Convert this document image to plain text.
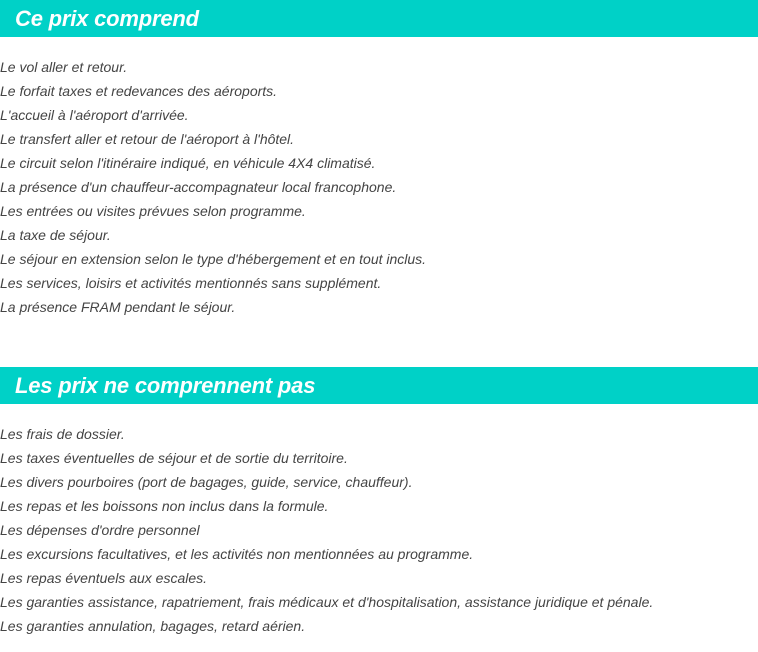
Ce prix comprend
Le vol aller et retour.
Le forfait taxes et redevances des aéroports.
L'accueil à l'aéroport d'arrivée.
Le transfert aller et retour de l'aéroport à l'hôtel.
Le circuit selon l'itinéraire indiqué, en véhicule 4X4 climatisé.
La présence d'un chauffeur-accompagnateur local francophone.
Les entrées ou visites prévues selon programme.
La taxe de séjour.
Le séjour en extension selon le type d'hébergement et en tout inclus.
Les services, loisirs et activités mentionnés sans supplément.
La présence FRAM pendant le séjour.
Les prix ne comprennent pas
Les frais de dossier.
Les taxes éventuelles de séjour et de sortie du territoire.
Les divers pourboires (port de bagages, guide, service, chauffeur).
Les repas et les boissons non inclus dans la formule.
Les dépenses d'ordre personnel
Les excursions facultatives, et les activités non mentionnées au programme.
Les repas éventuels aux escales.
Les garanties assistance, rapatriement, frais médicaux et d'hospitalisation, assistance juridique et pénale.
Les garanties annulation, bagages, retard aérien.
